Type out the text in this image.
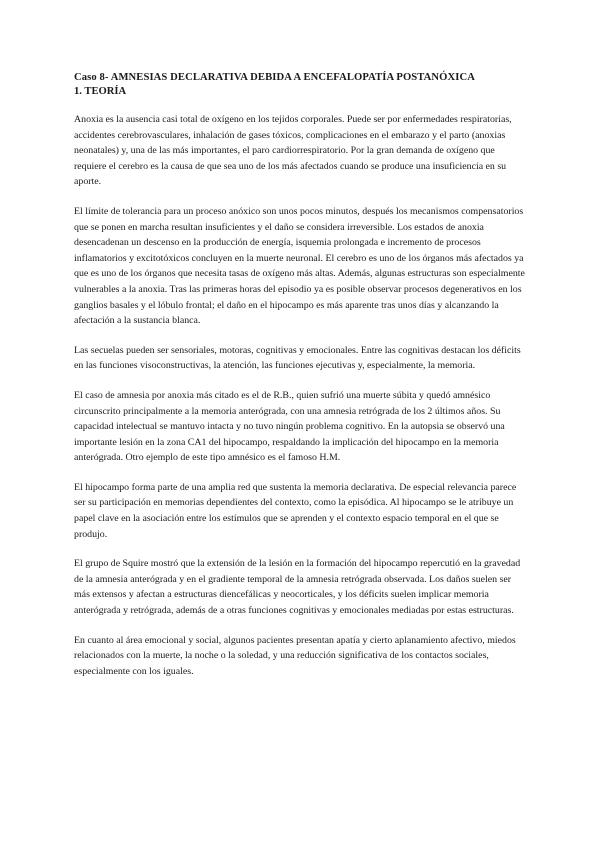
Caso 8- AMNESIAS DECLARATIVA DEBIDA A ENCEFALOPATÍA POSTANÓXICA

1. TEORÍA

Anoxia es la ausencia casi total de oxígeno en los tejidos corporales. Puede ser por enfermedades respiratorias, accidentes cerebrovasculares, inhalación de gases tóxicos, complicaciones en el embarazo y el parto (anoxias neonatales) y, una de las más importantes, el paro cardiorrespiratorio. Por la gran demanda de oxígeno que requiere el cerebro es la causa de que sea uno de los más afectados cuando se produce una insuficiencia en su aporte.

El límite de tolerancia para un proceso anóxico son unos pocos minutos, después los mecanismos compensatorios que se ponen en marcha resultan insuficientes y el daño se considera irreversible. Los estados de anoxia desencadenan un descenso en la producción de energía, isquemia prolongada e incremento de procesos inflamatorios y excitotóxicos concluyen en la muerte neuronal. El cerebro es uno de los órganos más afectados ya que es uno de los órganos que necesita tasas de oxígeno más altas. Además, algunas estructuras son especialmente vulnerables a la anoxia. Tras las primeras horas del episodio ya es posible observar procesos degenerativos en los ganglios basales y el lóbulo frontal; el daño en el hipocampo es más aparente tras unos días y alcanzando la afectación a la sustancia blanca.

Las secuelas pueden ser sensoriales, motoras, cognitivas y emocionales. Entre las cognitivas destacan los déficits en las funciones visoconstructivas, la atención, las funciones ejecutivas y, especialmente, la memoria.

El caso de amnesia por anoxia más citado es el de R.B., quien sufrió una muerte súbita y quedó amnésico circunscrito principalmente a la memoria anterógrada, con una amnesia retrógrada de los 2 últimos años. Su capacidad intelectual se mantuvo intacta y no tuvo ningún problema cognitivo. En la autopsia se observó una importante lesión en la zona CA1 del hipocampo, respaldando la implicación del hipocampo en la memoria anterógrada. Otro ejemplo de este tipo amnésico es el famoso H.M.

El hipocampo forma parte de una amplia red que sustenta la memoria declarativa. De especial relevancia parece ser su participación en memorias dependientes del contexto, como la episódica. Al hipocampo se le atribuye un papel clave en la asociación entre los estímulos que se aprenden y el contexto espacio temporal en el que se produjo.

El grupo de Squire mostró que la extensión de la lesión en la formación del hipocampo repercutió en la gravedad de la amnesia anterógrada y en el gradiente temporal de la amnesia retrógrada observada. Los daños suelen ser más extensos y afectan a estructuras diencefálicas y neocorticales, y los déficits suelen implicar memoria anterógrada y retrógrada, además de a otras funciones cognitivas y emocionales mediadas por estas estructuras.

En cuanto al área emocional y social, algunos pacientes presentan apatía y cierto aplanamiento afectivo, miedos relacionados con la muerte, la noche o la soledad, y una reducción significativa de los contactos sociales, especialmente con los iguales.
